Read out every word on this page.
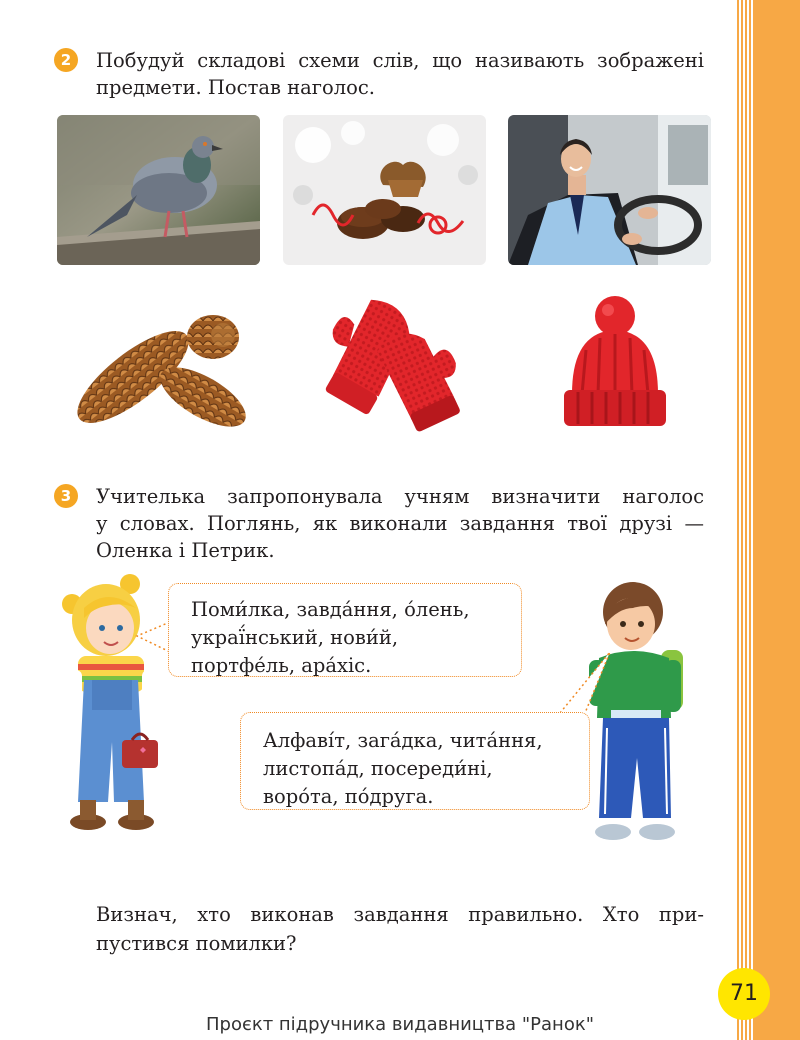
2	Побудуй складові схеми слів, що називають зображені
предмети. Постав наголос.
3	Учителька запропонувала учням визначити наголос
у словах. Поглянь, як виконали завдання твої друзі —
Оленка і Петрик.
Поми́лка, завда́ння, о́лень,
украї́нський, нови́й,
портфе́ль, ара́хіс.
Алфаві́т, зага́дка, чита́ння,
листопа́д, посереди́ні,
воро́та, по́друга.
Визнач, хто виконав завдання правильно. Хто при-
пустився помилки?
71
Проєкт підручника видавництва "Ранок"
